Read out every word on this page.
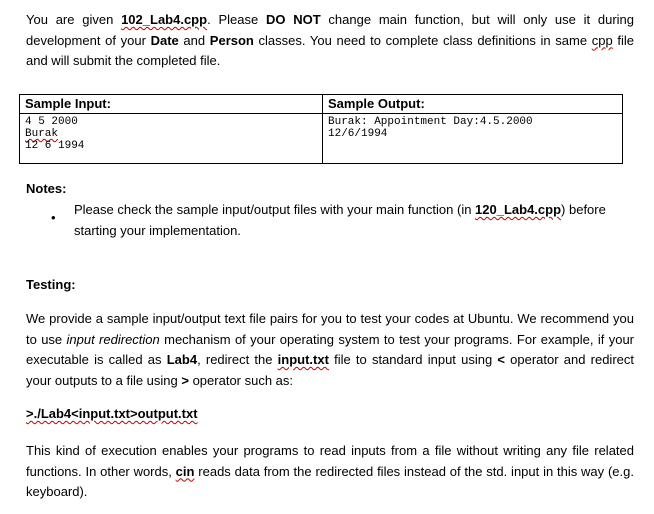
You are given 102_Lab4.cpp. Please DO NOT change main function, but will only use it during development of your Date and Person classes. You need to complete class definitions in same cpp file and will submit the completed file.

Sample Input:
4 5 2000
Burak
12 6 1994
Sample Output:
Burak: Appointment Day:4.5.2000
12/6/1994

Notes:

•

Please check the sample input/output files with your main function (in 120_Lab4.cpp) before starting your implementation.

Testing:

We provide a sample input/output text file pairs for you to test your codes at Ubuntu. We recommend you to use input redirection mechanism of your operating system to test your programs. For example, if your executable is called as Lab4, redirect the input.txt file to standard input using < operator and redirect your outputs to a file using > operator such as:

>./Lab4<input.txt>output.txt

This kind of execution enables your programs to read inputs from a file without writing any file related functions. In other words, cin reads data from the redirected files instead of the std. input in this way (e.g. keyboard).
